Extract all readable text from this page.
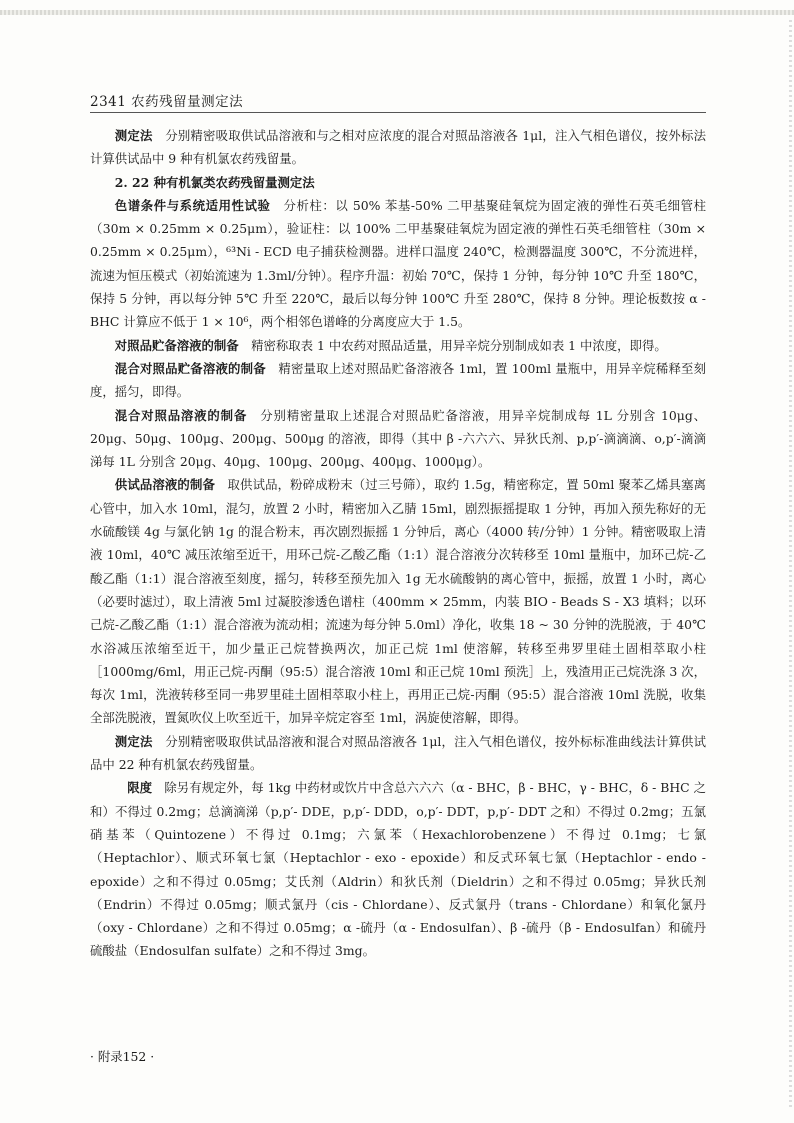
2341 农药残留量测定法

测定法　 分别精密吸取供试品溶液和与之相对应浓度的混合对照品溶液各 1μl，注入气相色谱仪，按外标法计算供试品中 9 种有机氯农药残留量。

2. 22 种有机氯类农药残留量测定法

色谱条件与系统适用性试验　 分析柱：以 50% 苯基-50% 二甲基聚硅氧烷为固定液的弹性石英毛细管柱（30m × 0.25mm × 0.25μm），验证柱：以 100% 二甲基聚硅氧烷为固定液的弹性石英毛细管柱（30m × 0.25mm × 0.25μm），⁶³Ni - ECD 电子捕获检测器。进样口温度 240℃，检测器温度 300℃，不分流进样，流速为恒压模式（初始流速为 1.3ml/分钟）。程序升温：初始 70℃，保持 1 分钟，每分钟 10℃ 升至 180℃，保持 5 分钟，再以每分钟 5℃ 升至 220℃，最后以每分钟 100℃ 升至 280℃，保持 8 分钟。理论板数按 α - BHC 计算应不低于 1 × 10⁶，两个相邻色谱峰的分离度应大于 1.5。

对照品贮备溶液的制备　 精密称取表 1 中农药对照品适量，用异辛烷分别制成如表 1 中浓度，即得。

混合对照品贮备溶液的制备　 精密量取上述对照品贮备溶液各 1ml，置 100ml 量瓶中，用异辛烷稀释至刻度，摇匀，即得。

混合对照品溶液的制备　 分别精密量取上述混合对照品贮备溶液，用异辛烷制成每 1L 分别含 10μg、20μg、50μg、100μg、200μg、500μg 的溶液，即得（其中 β -六六六、异狄氏剂、p,p′-滴滴滴、o,p′-滴滴涕每 1L 分别含 20μg、40μg、100μg、200μg、400μg、1000μg）。

供试品溶液的制备　 取供试品，粉碎成粉末（过三号筛），取约 1.5g，精密称定，置 50ml 聚苯乙烯具塞离心管中，加入水 10ml，混匀，放置 2 小时，精密加入乙腈 15ml，剧烈振摇提取 1 分钟，再加入预先称好的无水硫酸镁 4g 与氯化钠 1g 的混合粉末，再次剧烈振摇 1 分钟后，离心（4000 转/分钟）1 分钟。精密吸取上清液 10ml，40℃ 减压浓缩至近干，用环己烷-乙酸乙酯（1:1）混合溶液分次转移至 10ml 量瓶中，加环己烷-乙酸乙酯（1:1）混合溶液至刻度，摇匀，转移至预先加入 1g 无水硫酸钠的离心管中，振摇，放置 1 小时，离心（必要时滤过），取上清液 5ml 过凝胶渗透色谱柱（400mm × 25mm，内装 BIO - Beads S - X3 填料；以环己烷-乙酸乙酯（1:1）混合溶液为流动相；流速为每分钟 5.0ml）净化，收集 18 ~ 30 分钟的洗脱液，于 40℃ 水浴减压浓缩至近干，加少量正己烷替换两次，加正己烷 1ml 使溶解，转移至弗罗里硅土固相萃取小柱［1000mg/6ml，用正己烷-丙酮（95:5）混合溶液 10ml 和正己烷 10ml 预洗］上，残渣用正己烷洗涤 3 次，每次 1ml，洗液转移至同一弗罗里硅土固相萃取小柱上，再用正己烷-丙酮（95:5）混合溶液 10ml 洗脱，收集全部洗脱液，置氮吹仪上吹至近干，加异辛烷定容至 1ml，涡旋使溶解，即得。

测定法　 分别精密吸取供试品溶液和混合对照品溶液各 1μl，注入气相色谱仪，按外标标准曲线法计算供试品中 22 种有机氯农药残留量。

限度　 除另有规定外，每 1kg 中药材或饮片中含总六六六（α - BHC，β - BHC，γ - BHC，δ - BHC 之和）不得过 0.2mg；总滴滴涕（p,p′- DDE，p,p′- DDD，o,p′- DDT，p,p′- DDT 之和）不得过 0.2mg；五氯硝基苯（Quintozene）不得过 0.1mg；六氯苯（Hexachlorobenzene）不得过 0.1mg；七氯（Heptachlor）、顺式环氧七氯（Heptachlor - exo - epoxide）和反式环氧七氯（Heptachlor - endo - epoxide）之和不得过 0.05mg；艾氏剂（Aldrin）和狄氏剂（Dieldrin）之和不得过 0.05mg；异狄氏剂（Endrin）不得过 0.05mg；顺式氯丹（cis - Chlordane）、反式氯丹（trans - Chlordane）和氧化氯丹（oxy - Chlordane）之和不得过 0.05mg；α -硫丹（α - Endosulfan）、β -硫丹（β - Endosulfan）和硫丹硫酸盐（Endosulfan sulfate）之和不得过 3mg。

· 附录152 ·
